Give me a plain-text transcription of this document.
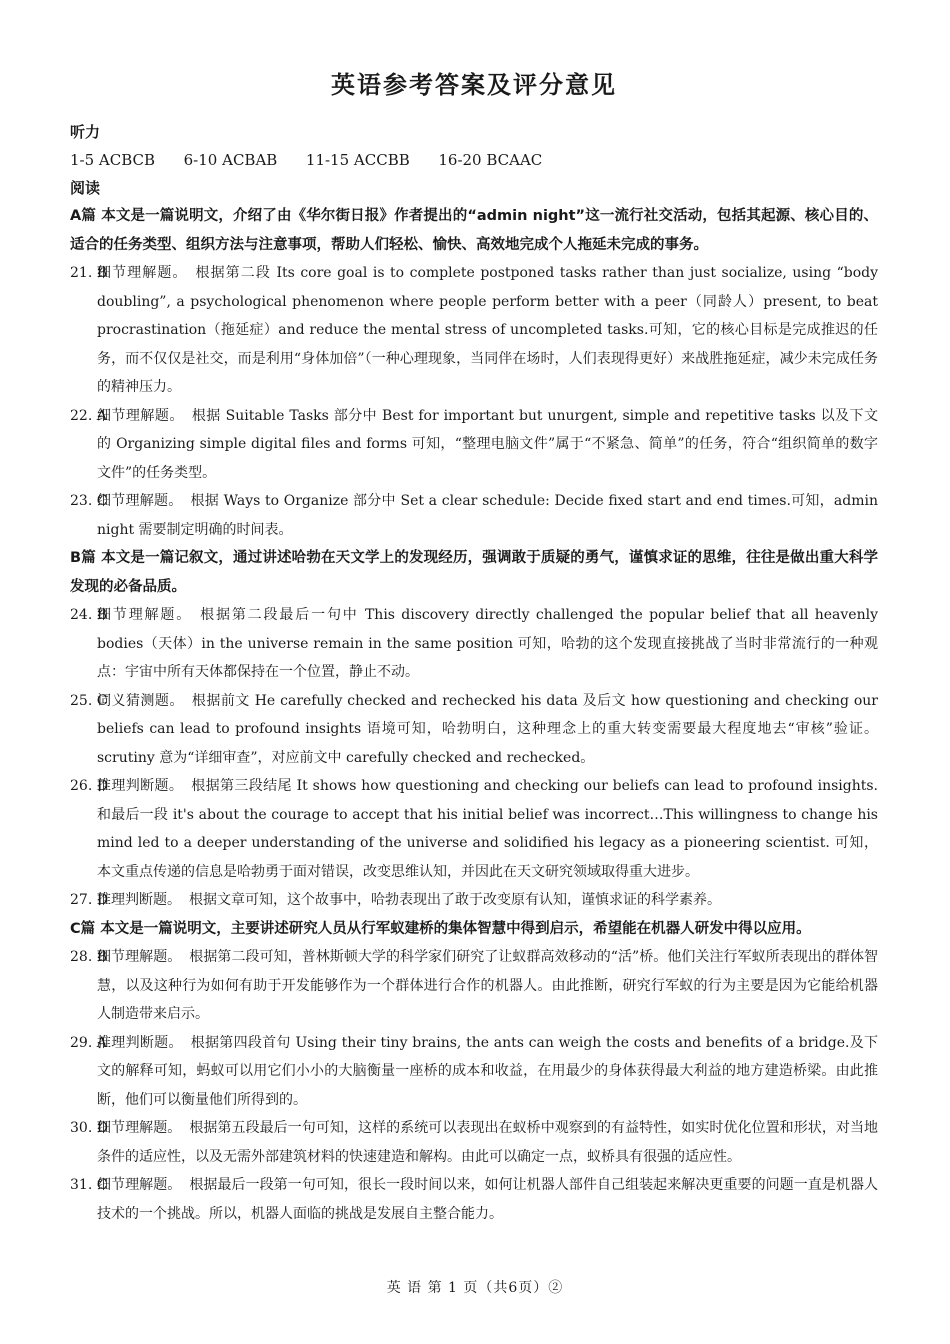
英语参考答案及评分意见
听力
1-5 ACBCB      6-10 ACBAB      11-15 ACCBB      16-20 BCAAC
阅读
A篇 本文是一篇说明文，介绍了由《华尔街日报》作者提出的“admin night”这一流行社交活动，包括其起源、核心目的、适合的任务类型、组织方法与注意事项，帮助人们轻松、愉快、高效地完成个人拖延未完成的事务。
21. B
细节理解题。 根据第二段 Its core goal is to complete postponed tasks rather than just socialize, using “body doubling”, a psychological phenomenon where people perform better with a peer（同龄人）present, to beat procrastination（拖延症）and reduce the mental stress of uncompleted tasks.可知，它的核心目标是完成推迟的任务，而不仅仅是社交，而是利用“身体加倍”（一种心理现象，当同伴在场时，人们表现得更好）来战胜拖延症，减少未完成任务的精神压力。
22. A
细节理解题。 根据 Suitable Tasks 部分中 Best for important but unurgent, simple and repetitive tasks 以及下文的 Organizing simple digital files and forms 可知，“整理电脑文件”属于“不紧急、简单”的任务，符合“组织简单的数字文件”的任务类型。
23. C
细节理解题。 根据 Ways to Organize 部分中 Set a clear schedule: Decide fixed start and end times.可知，admin night 需要制定明确的时间表。
B篇 本文是一篇记叙文，通过讲述哈勃在天文学上的发现经历，强调敢于质疑的勇气，谨慎求证的思维，往往是做出重大科学发现的必备品质。
24. B
细节理解题。 根据第二段最后一句中 This discovery directly challenged the popular belief that all heavenly bodies（天体）in the universe remain in the same position 可知，哈勃的这个发现直接挑战了当时非常流行的一种观点：宇宙中所有天体都保持在一个位置，静止不动。
25. C
词义猜测题。 根据前文 He carefully checked and rechecked his data 及后文 how questioning and checking our beliefs can lead to profound insights 语境可知，哈勃明白，这种理念上的重大转变需要最大程度地去“审核”验证。scrutiny 意为“详细审查”，对应前文中 carefully checked and rechecked。
26. D
推理判断题。 根据第三段结尾 It shows how questioning and checking our beliefs can lead to profound insights. 和最后一段 it's about the courage to accept that his initial belief was incorrect…This willingness to change his mind led to a deeper understanding of the universe and solidified his legacy as a pioneering scientist. 可知，本文重点传递的信息是哈勃勇于面对错误，改变思维认知，并因此在天文研究领域取得重大进步。
27. D
推理判断题。 根据文章可知，这个故事中，哈勃表现出了敢于改变原有认知，谨慎求证的科学素养。
C篇 本文是一篇说明文，主要讲述研究人员从行军蚁建桥的集体智慧中得到启示，希望能在机器人研发中得以应用。
28. B
细节理解题。 根据第二段可知，普林斯顿大学的科学家们研究了让蚁群高效移动的“活”桥。他们关注行军蚁所表现出的群体智慧，以及这种行为如何有助于开发能够作为一个群体进行合作的机器人。由此推断，研究行军蚁的行为主要是因为它能给机器人制造带来启示。
29. A
推理判断题。 根据第四段首句 Using their tiny brains, the ants can weigh the costs and benefits of a bridge.及下文的解释可知，蚂蚁可以用它们小小的大脑衡量一座桥的成本和收益，在用最少的身体获得最大利益的地方建造桥梁。由此推断，他们可以衡量他们所得到的。
30. D
细节理解题。 根据第五段最后一句可知，这样的系统可以表现出在蚁桥中观察到的有益特性，如实时优化位置和形状，对当地条件的适应性，以及无需外部建筑材料的快速建造和解构。由此可以确定一点，蚁桥具有很强的适应性。
31. C
细节理解题。 根据最后一段第一句可知，很长一段时间以来，如何让机器人部件自己组装起来解决更重要的问题一直是机器人技术的一个挑战。所以，机器人面临的挑战是发展自主整合能力。
英 语 第 1 页（共6页）②
